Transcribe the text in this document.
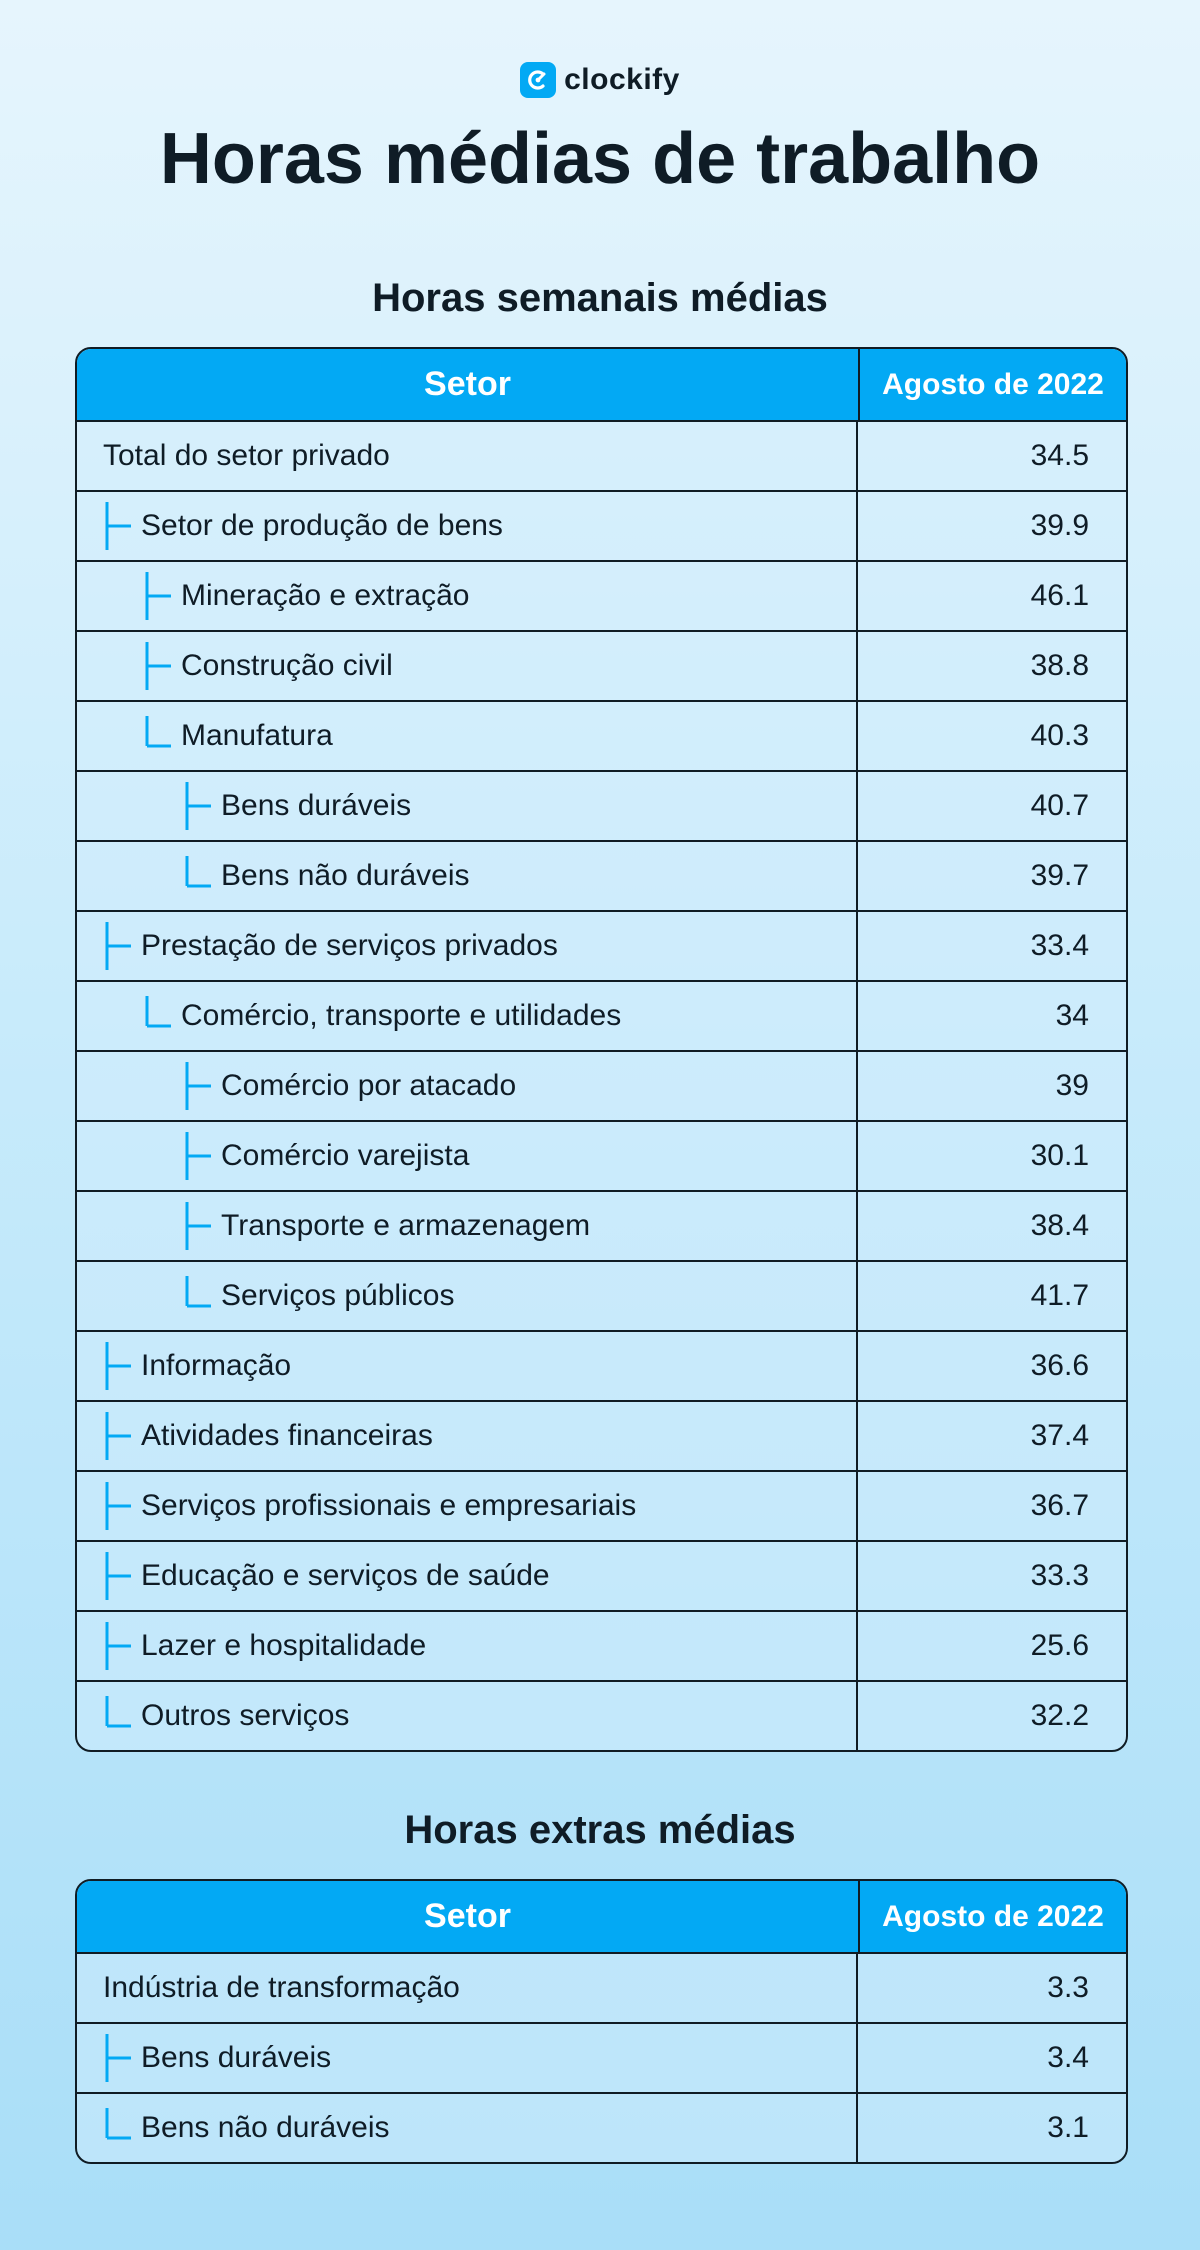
clockify
Horas médias de trabalho
Horas semanais médias
Setor	Agosto de 2022
Total do setor privado	34.5
Setor de produção de bens	39.9
Mineração e extração	46.1
Construção civil	38.8
Manufatura	40.3
Bens duráveis	40.7
Bens não duráveis	39.7
Prestação de serviços privados	33.4
Comércio, transporte e utilidades	34
Comércio por atacado	39
Comércio varejista	30.1
Transporte e armazenagem	38.4
Serviços públicos	41.7
Informação	36.6
Atividades financeiras	37.4
Serviços profissionais e empresariais	36.7
Educação e serviços de saúde	33.3
Lazer e hospitalidade	25.6
Outros serviços	32.2
Horas extras médias
Setor	Agosto de 2022
Indústria de transformação	3.3
Bens duráveis	3.4
Bens não duráveis	3.1
